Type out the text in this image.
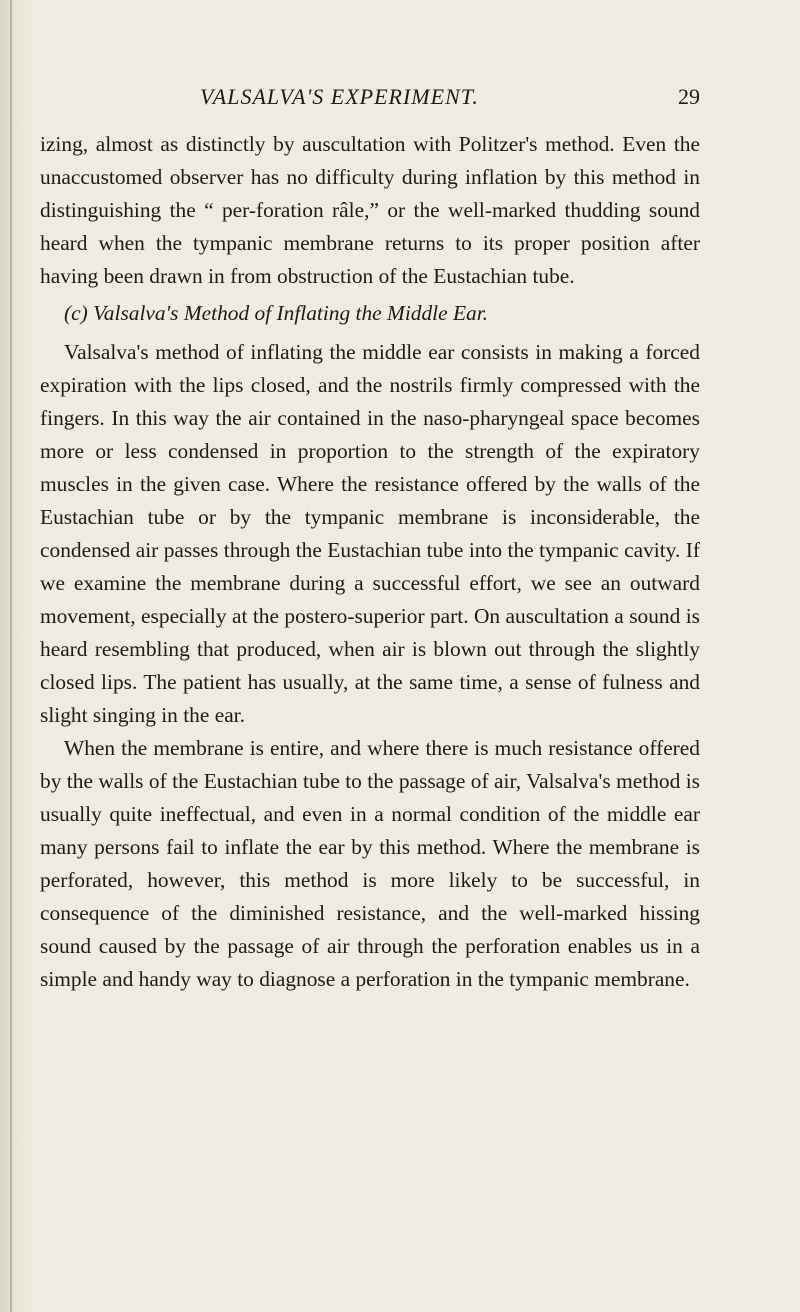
VALSALVA'S EXPERIMENT.	29

izing, almost as distinctly by auscultation with Politzer's method. Even the unaccustomed observer has no difficulty during inflation by this method in distinguishing the “ per-foration râle,” or the well-marked thudding sound heard when the tympanic membrane returns to its proper position after having been drawn in from obstruction of the Eustachian tube.

(c) Valsalva's Method of Inflating the Middle Ear.

Valsalva's method of inflating the middle ear consists in making a forced expiration with the lips closed, and the nostrils firmly compressed with the fingers. In this way the air contained in the naso-pharyngeal space becomes more or less condensed in proportion to the strength of the expiratory muscles in the given case. Where the resistance offered by the walls of the Eustachian tube or by the tympanic membrane is inconsiderable, the condensed air passes through the Eustachian tube into the tympanic cavity. If we examine the membrane during a successful effort, we see an outward movement, especially at the postero-superior part. On auscultation a sound is heard resembling that produced, when air is blown out through the slightly closed lips. The patient has usually, at the same time, a sense of fulness and slight singing in the ear.

When the membrane is entire, and where there is much resistance offered by the walls of the Eustachian tube to the passage of air, Valsalva's method is usually quite ineffectual, and even in a normal condition of the middle ear many persons fail to inflate the ear by this method. Where the membrane is perforated, however, this method is more likely to be successful, in consequence of the diminished resistance, and the well-marked hissing sound caused by the passage of air through the perforation enables us in a simple and handy way to diagnose a perforation in the tympanic membrane.
